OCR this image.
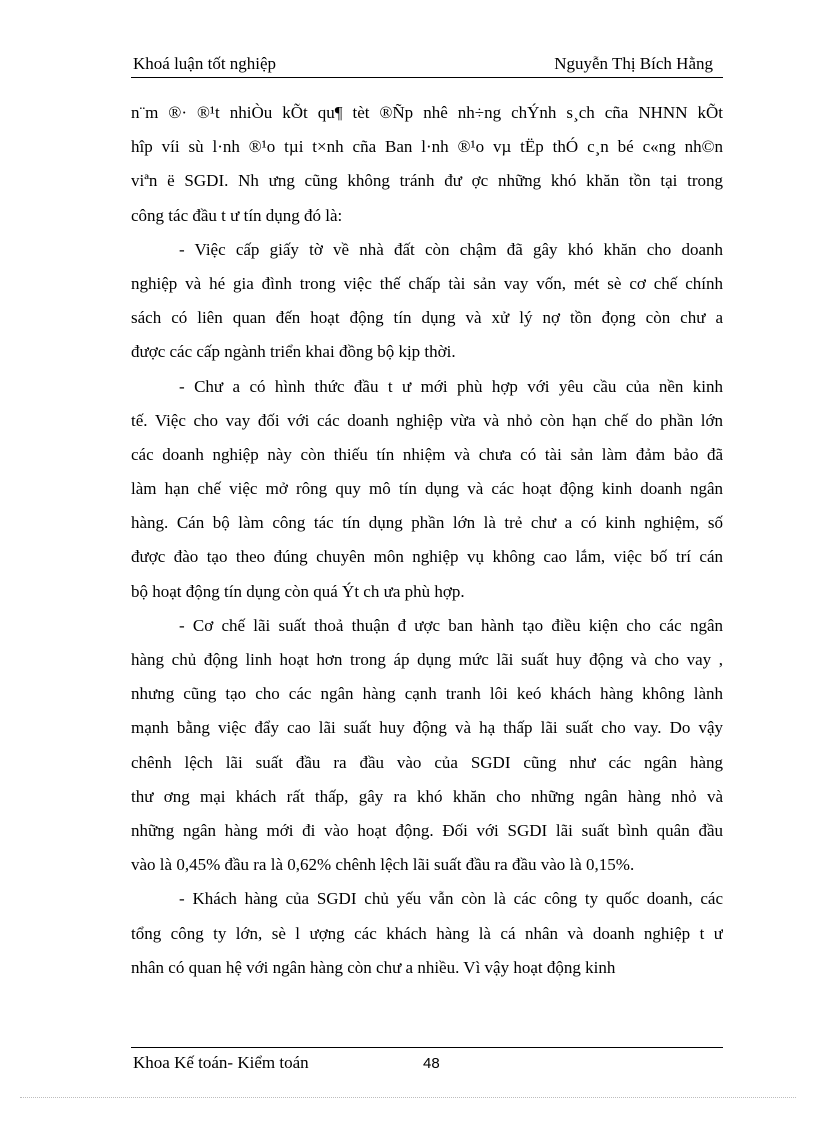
Khoá luận tốt nghiệp	Nguyễn Thị Bích Hằng
n¨m ®· ®¹t nhiÒu kÕt qu¶ tèt ®Ñp nhê nh÷ng chÝnh s¸ch cña NHNN kÕt
hîp víi sù l·nh ®¹o tµi t×nh cña Ban l·nh ®¹o vµ tËp thÓ c¸n bé c«ng nh©n
viªn ë SGDI. Nh ưng cũng không tránh đư ợc những khó khăn tồn tại trong
công tác đầu t ư tín dụng đó là:
- Việc cấp giấy tờ về nhà đất còn chậm đã gây khó khăn cho doanh
nghiệp và hé gia đình trong việc thế chấp tài sản vay vốn, mét sè cơ chế chính
sách có liên quan đến hoạt động tín dụng và xử lý nợ tồn đọng còn chư a
được các cấp ngành triển khai đồng bộ kịp thời.
- Chư a có hình thức đầu t ư mới phù hợp với yêu cầu của nền kinh
tế. Việc cho vay đối với các doanh nghiệp vừa và nhỏ còn hạn chế do phần lớn
các doanh nghiệp này còn thiếu tín nhiệm và chưa có tài sản làm đảm bảo đã
làm hạn chế việc mở rông quy mô tín dụng và các hoạt động kinh doanh ngân
hàng. Cán bộ làm công tác tín dụng phần lớn là trẻ chư a có kinh nghiệm, số
được đào tạo theo đúng chuyên môn nghiệp vụ không cao lắm, việc bố trí cán
bộ hoạt động tín dụng còn quá Ýt ch ưa phù hợp.
- Cơ chế lãi suất thoả thuận đ ược ban hành tạo điều kiện cho các ngân
hàng chủ động linh hoạt hơn trong áp dụng mức lãi suất huy động và cho vay ,
nhưng cũng tạo cho các ngân hàng cạnh tranh lôi keó khách hàng không lành
mạnh bằng việc đẩy cao lãi suất huy động và hạ thấp lãi suất cho vay. Do vậy
chênh lệch lãi suất đầu ra đầu vào của SGDI cũng như các ngân hàng
thư ơng mại khách rất thấp, gây ra khó khăn cho những ngân hàng nhỏ và
những ngân hàng mới đi vào hoạt động. Đối với SGDI lãi suất bình quân đầu
vào là 0,45% đầu ra là 0,62% chênh lệch lãi suất đầu ra đầu vào là 0,15%.
- Khách hàng của SGDI chủ yếu vẫn còn là các công ty quốc doanh, các
tổng công ty lớn, sè l ượng các khách hàng là cá nhân và doanh nghiệp t ư
nhân có quan hệ với ngân hàng còn chư a nhiều. Vì vậy hoạt động kinh
Khoa Kế toán- Kiểm toán	48
